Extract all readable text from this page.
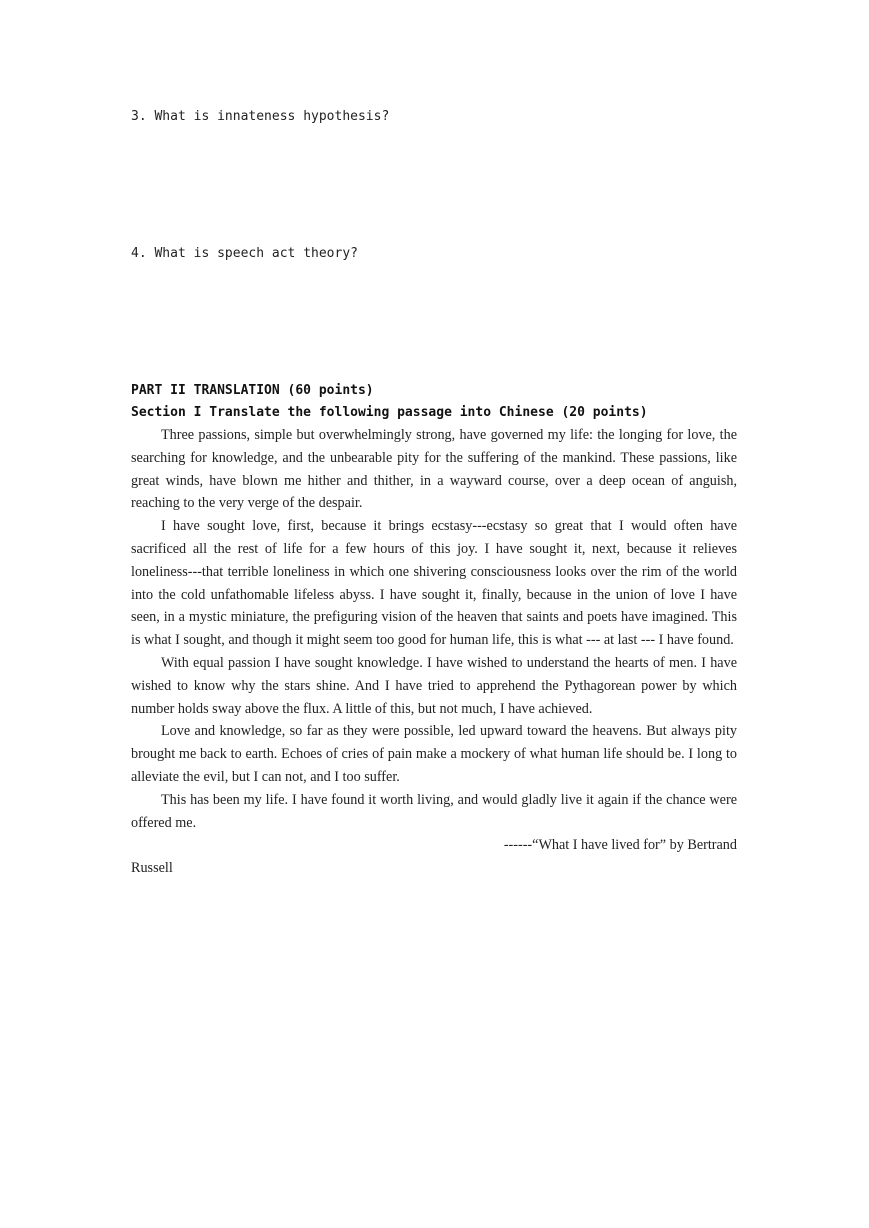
3. What is innateness hypothesis?
4. What is speech act theory?
PART II TRANSLATION (60 points)
Section I Translate the following passage into Chinese (20 points)

Three passions, simple but overwhelmingly strong, have governed my life: the longing for love, the searching for knowledge, and the unbearable pity for the suffering of the mankind. These passions, like great winds, have blown me hither and thither, in a wayward course, over a deep ocean of anguish, reaching to the very verge of the despair.

I have sought love, first, because it brings ecstasy---ecstasy so great that I would often have sacrificed all the rest of life for a few hours of this joy. I have sought it, next, because it relieves loneliness---that terrible loneliness in which one shivering consciousness looks over the rim of the world into the cold unfathomable lifeless abyss. I have sought it, finally, because in the union of love I have seen, in a mystic miniature, the prefiguring vision of the heaven that saints and poets have imagined. This is what I sought, and though it might seem too good for human life, this is what --- at last --- I have found.

With equal passion I have sought knowledge. I have wished to understand the hearts of men. I have wished to know why the stars shine. And I have tried to apprehend the Pythagorean power by which number holds sway above the flux. A little of this, but not much, I have achieved.

Love and knowledge, so far as they were possible, led upward toward the heavens. But always pity brought me back to earth. Echoes of cries of pain make a mockery of what human life should be. I long to alleviate the evil, but I can not, and I too suffer.

This has been my life. I have found it worth living, and would gladly live it again if the chance were offered me.

------“What I have lived for” by Bertrand

Russell
